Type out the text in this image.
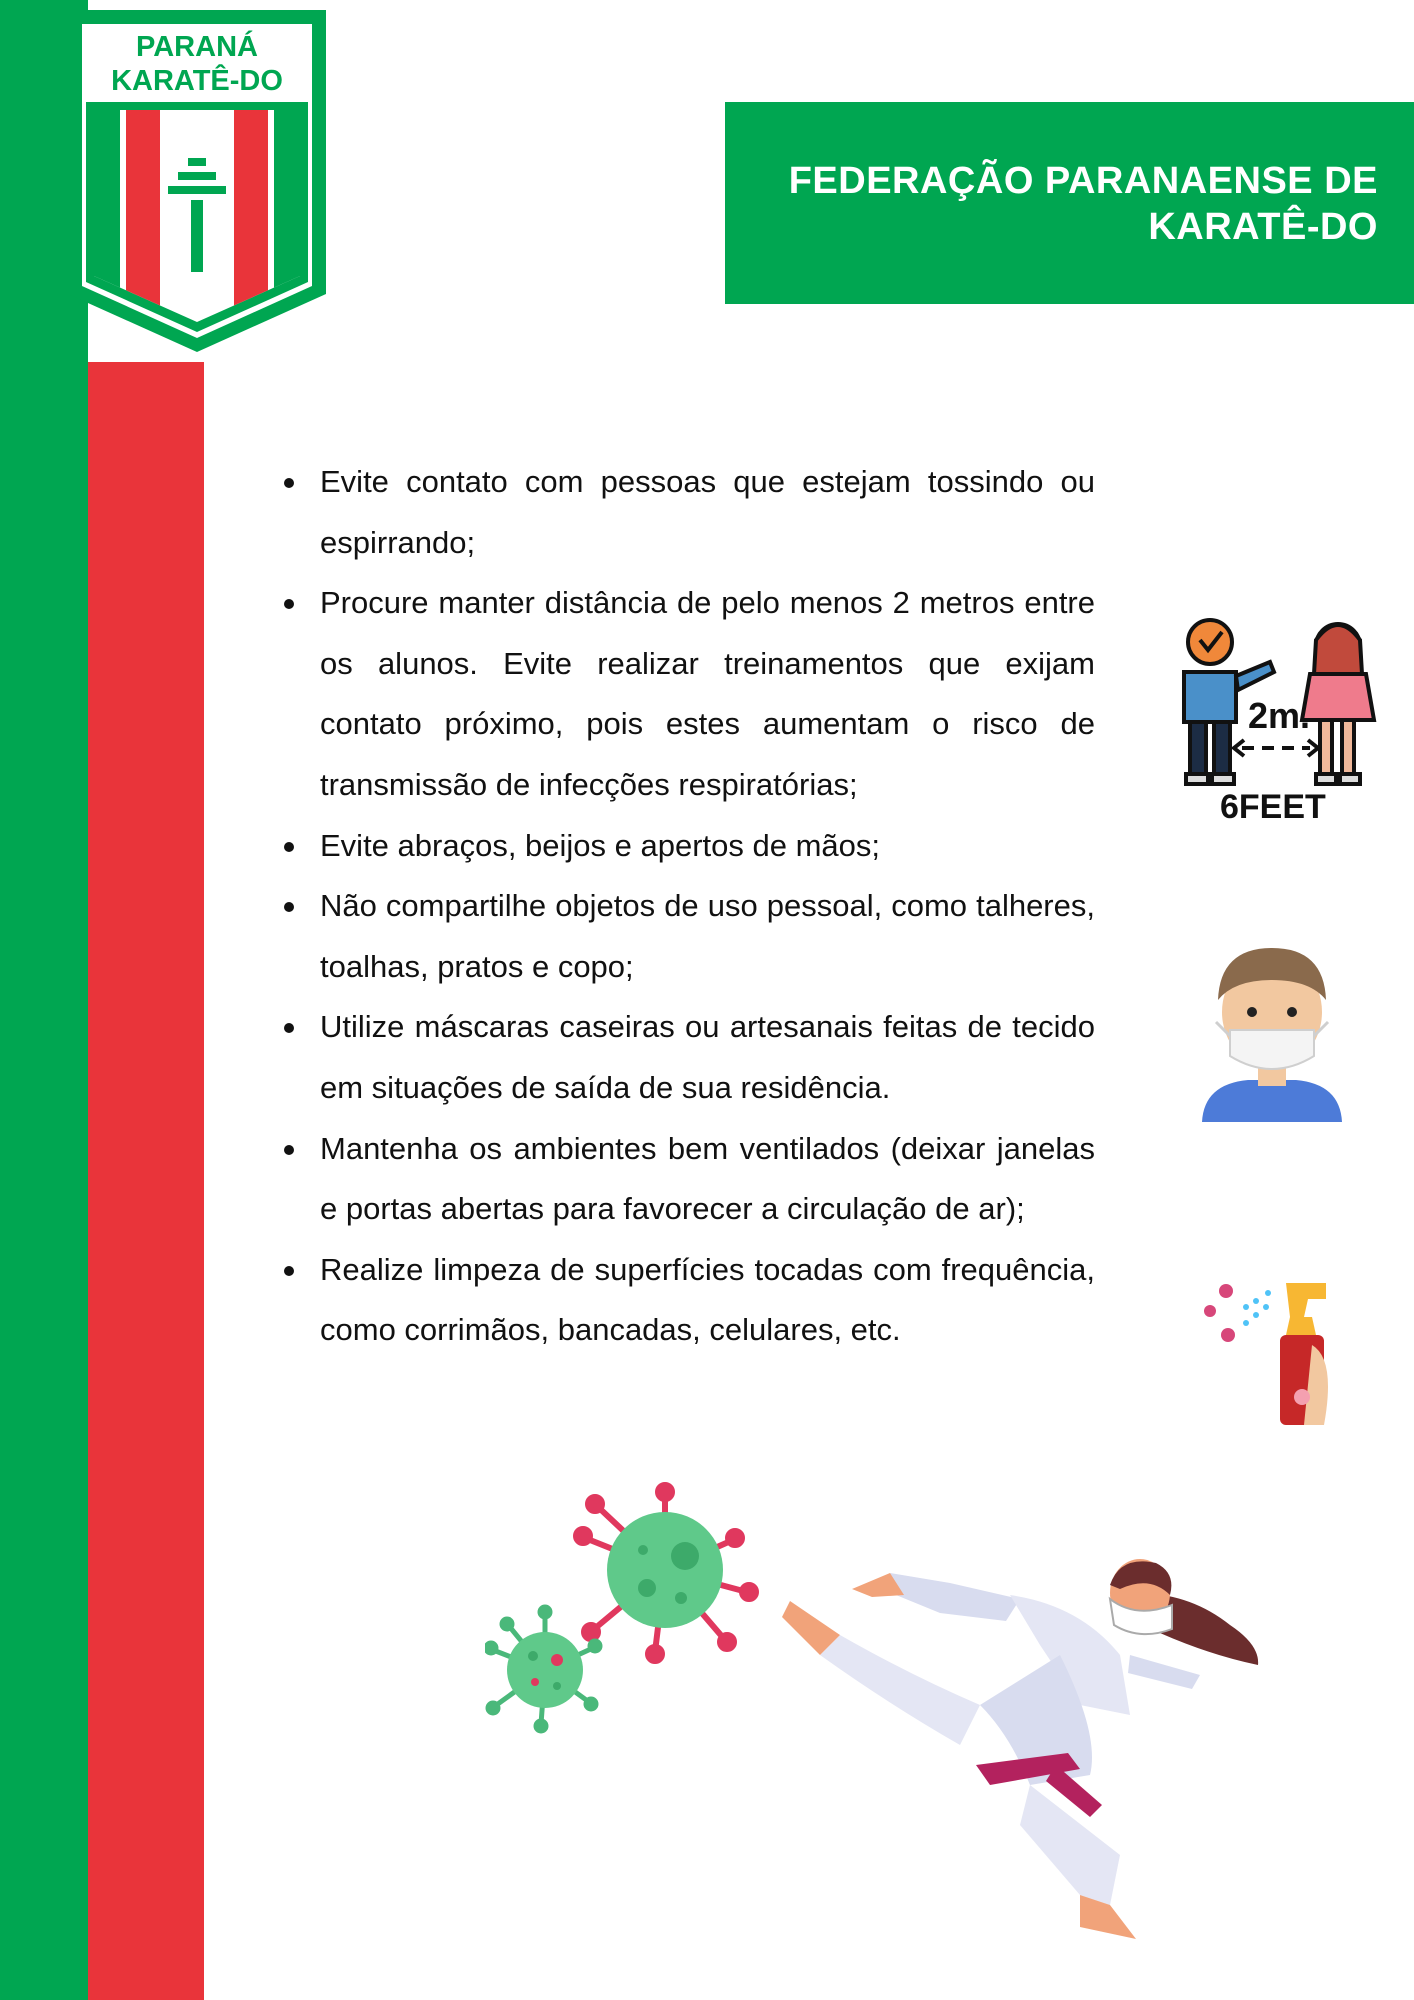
PARANÁ
KARATÊ-DO
FEDERAÇÃO PARANAENSE DE
KARATÊ-DO
Evite contato com pessoas que estejam tossindo ou espirrando;
Procure manter distância de pelo menos 2 metros entre os alunos. Evite realizar treinamentos que exijam contato próximo, pois estes aumentam o risco de transmissão de infecções respiratórias;
Evite abraços, beijos e apertos de mãos;
Não compartilhe objetos de uso pessoal, como talheres, toalhas, pratos e copo;
Utilize máscaras caseiras ou artesanais feitas de tecido em situações de saída de sua residência.
Mantenha os ambientes bem ventilados (deixar janelas e portas abertas para favorecer a circulação de ar);
Realize limpeza de superfícies tocadas com frequência, como corrimãos, bancadas, celulares, etc.
2m.
6FEET
